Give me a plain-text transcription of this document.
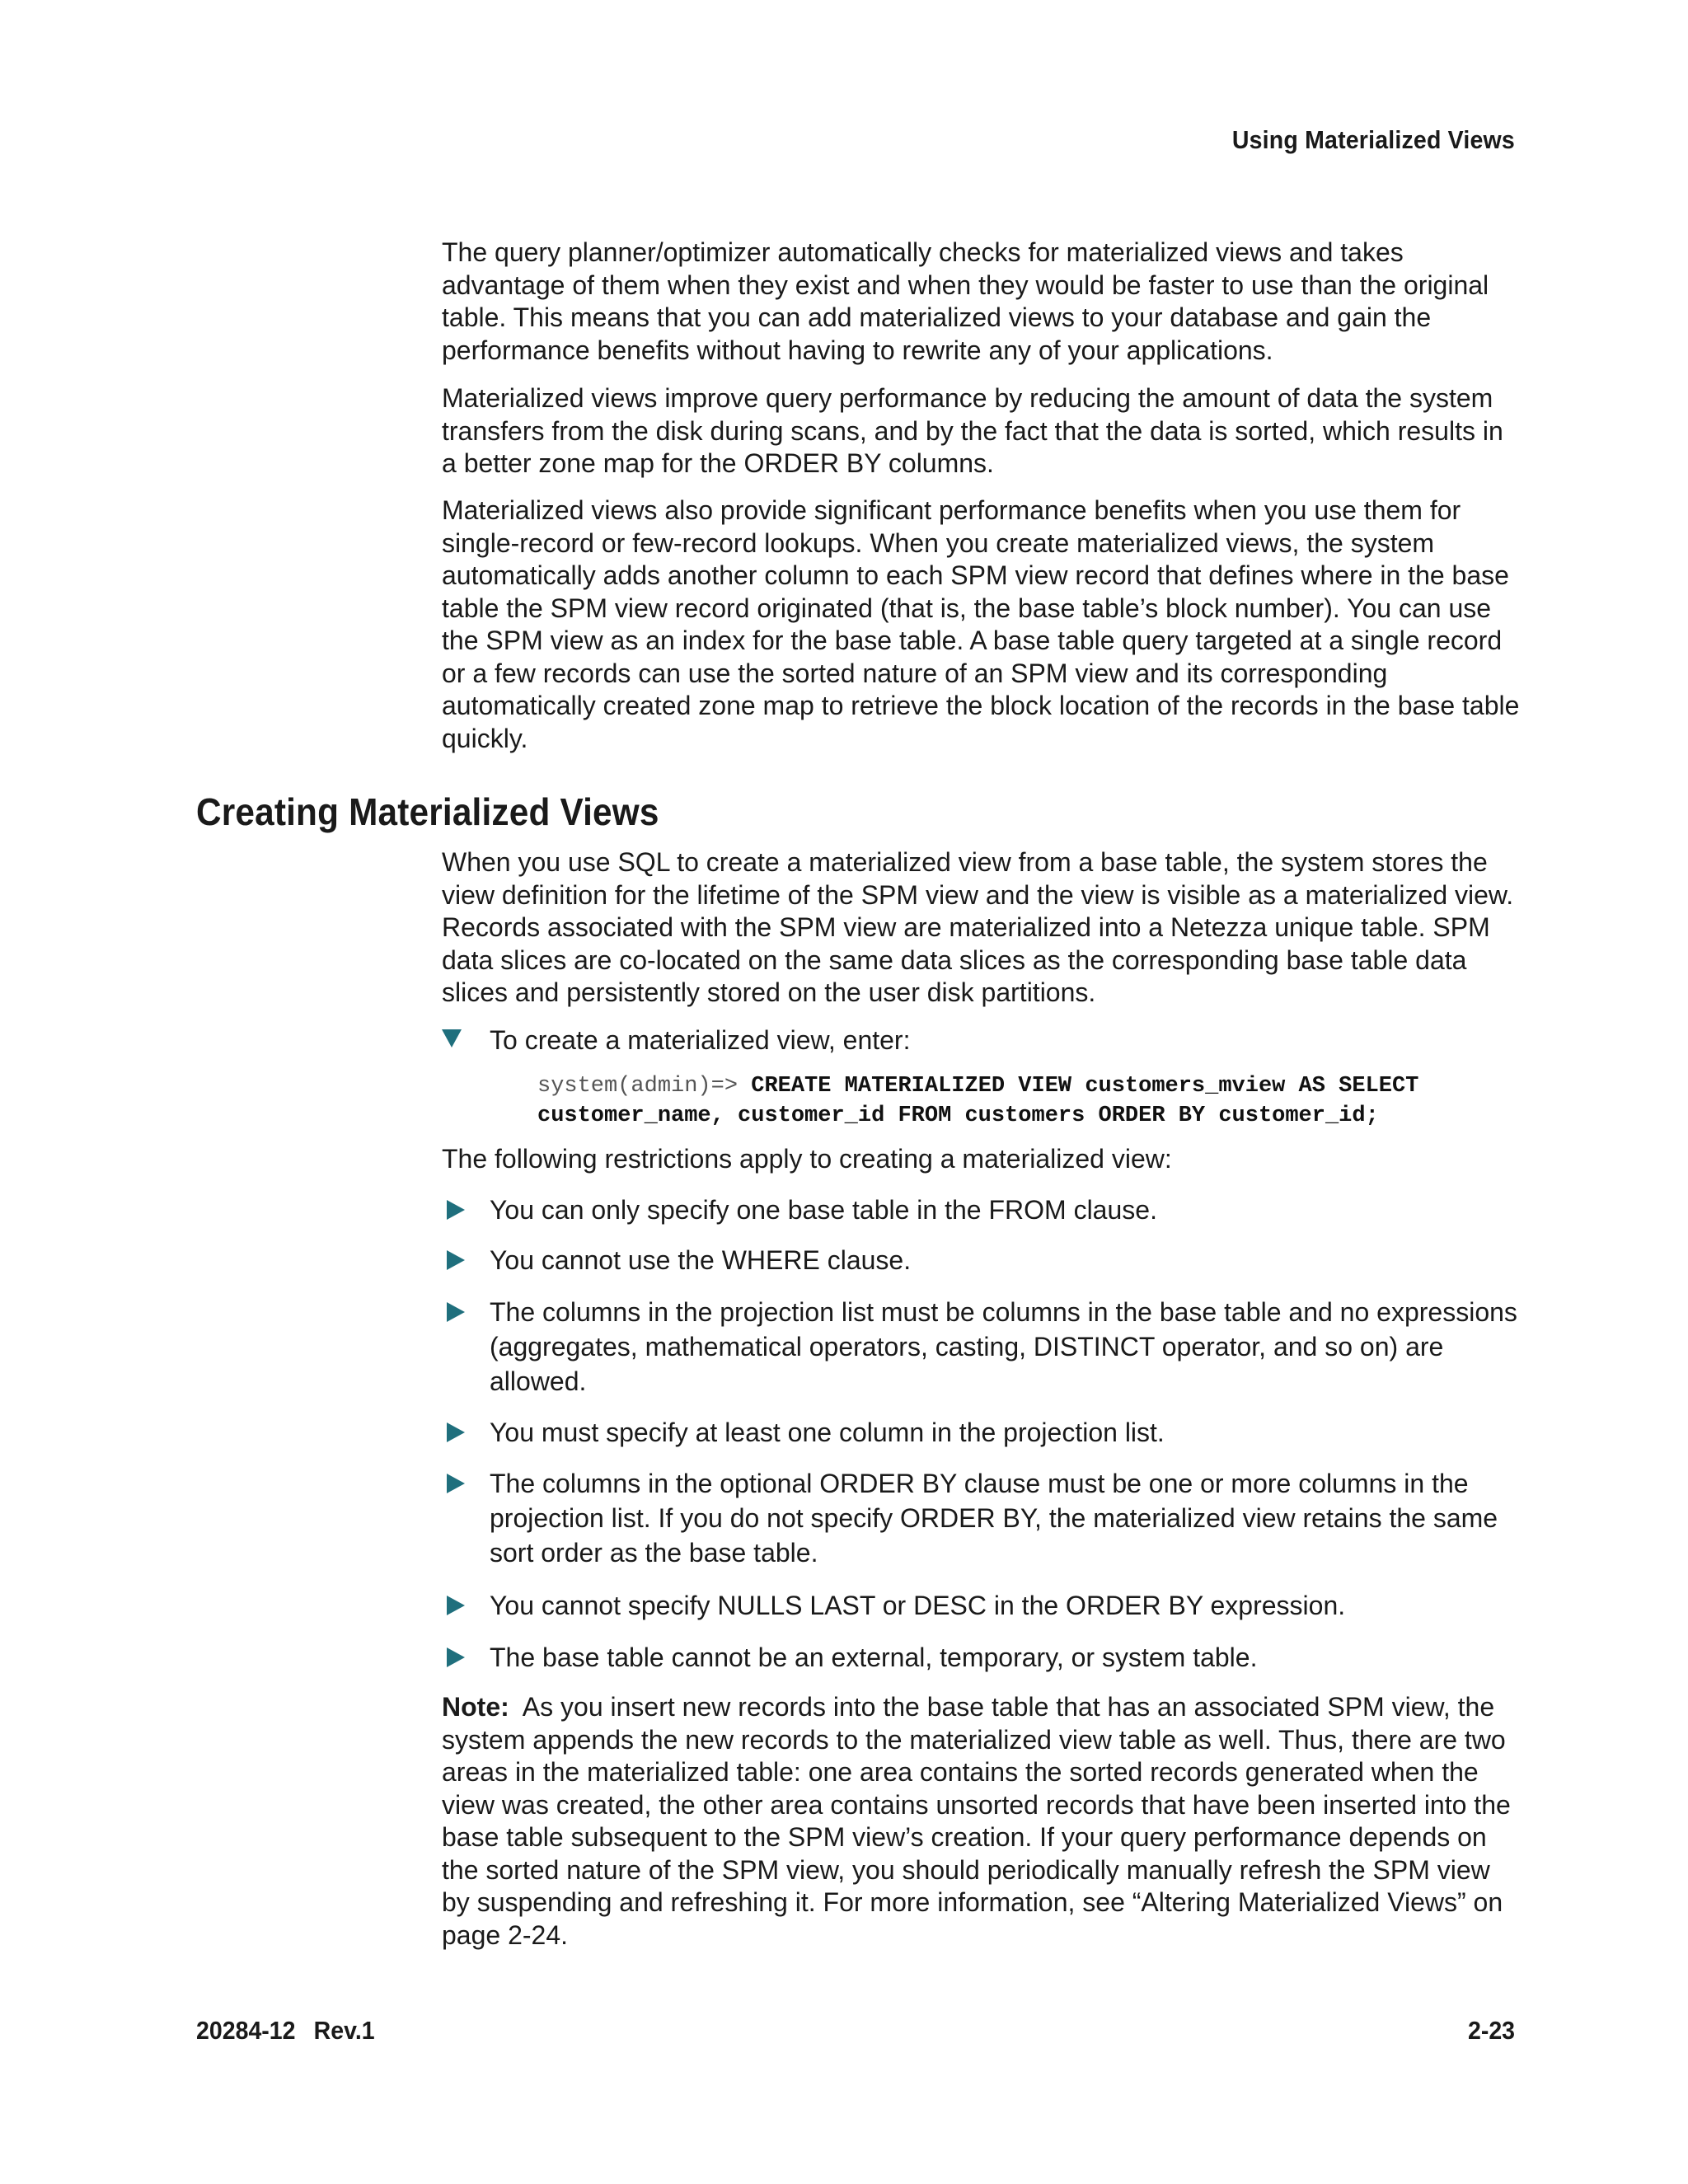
Using Materialized Views

The query planner/optimizer automatically checks for materialized views and takes advantage of them when they exist and when they would be faster to use than the original table. This means that you can add materialized views to your database and gain the performance benefits without having to rewrite any of your applications.

Materialized views improve query performance by reducing the amount of data the system transfers from the disk during scans, and by the fact that the data is sorted, which results in a better zone map for the ORDER BY columns.

Materialized views also provide significant performance benefits when you use them for single-record or few-record lookups. When you create materialized views, the system automatically adds another column to each SPM view record that defines where in the base table the SPM view record originated (that is, the base table’s block number). You can use the SPM view as an index for the base table. A base table query targeted at a single record or a few records can use the sorted nature of an SPM view and its corresponding automatically created zone map to retrieve the block location of the records in the base table quickly.

Creating Materialized Views

When you use SQL to create a materialized view from a base table, the system stores the view definition for the lifetime of the SPM view and the view is visible as a materialized view. Records associated with the SPM view are materialized into a Netezza unique table. SPM data slices are co-located on the same data slices as the corresponding base table data slices and persistently stored on the user disk partitions.

To create a materialized view, enter:
system(admin)=> CREATE MATERIALIZED VIEW customers_mview AS SELECT
customer_name, customer_id FROM customers ORDER BY customer_id;

The following restrictions apply to creating a materialized view:

You can only specify one base table in the FROM clause.
You cannot use the WHERE clause.
The columns in the projection list must be columns in the base table and no expressions (aggregates, mathematical operators, casting, DISTINCT operator, and so on) are allowed.
You must specify at least one column in the projection list.
The columns in the optional ORDER BY clause must be one or more columns in the projection list. If you do not specify ORDER BY, the materialized view retains the same sort order as the base table.
You cannot specify NULLS LAST or DESC in the ORDER BY expression.
The base table cannot be an external, temporary, or system table.

Note: As you insert new records into the base table that has an associated SPM view, the system appends the new records to the materialized view table as well. Thus, there are two areas in the materialized table: one area contains the sorted records generated when the view was created, the other area contains unsorted records that have been inserted into the base table subsequent to the SPM view’s creation. If your query performance depends on the sorted nature of the SPM view, you should periodically manually refresh the SPM view by suspending and refreshing it. For more information, see “Altering Materialized Views” on page 2-24.

20284-12 Rev.1	2-23
